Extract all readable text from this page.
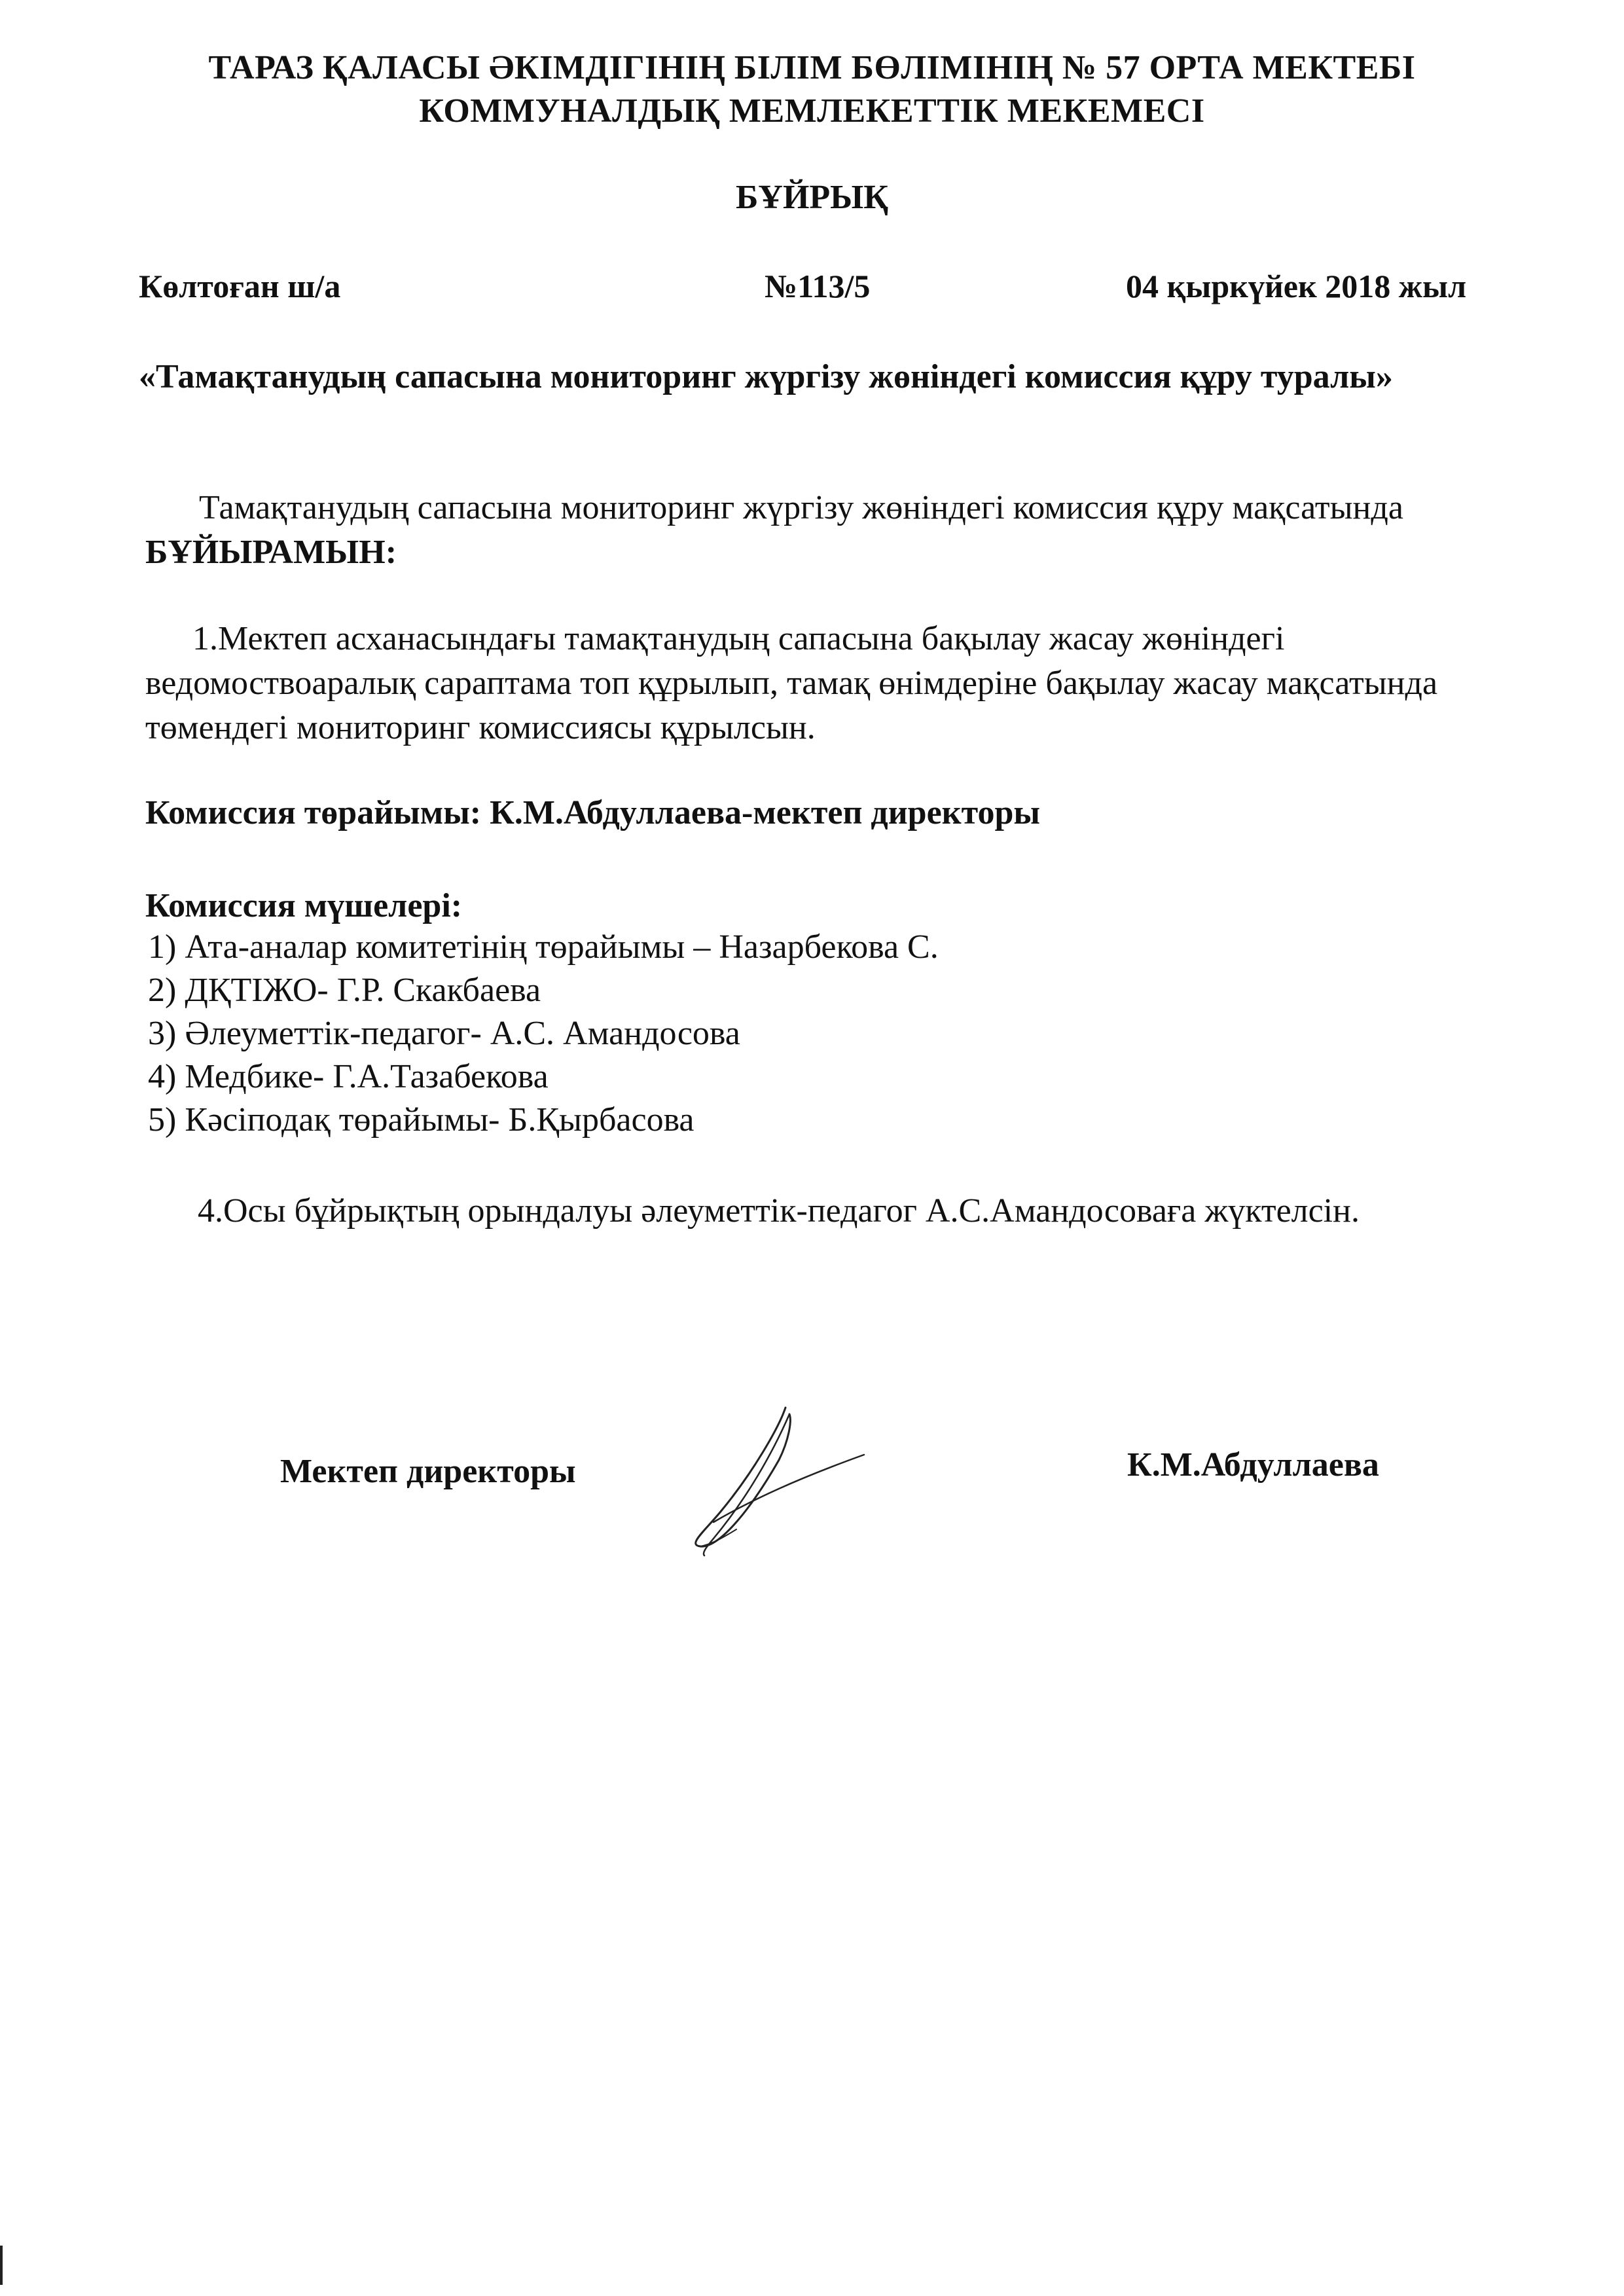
ТАРАЗ ҚАЛАСЫ ӘКІМДІГІНІҢ БІЛІМ БӨЛІМІНІҢ № 57 ОРТА МЕКТЕБІ

КОММУНАЛДЫҚ МЕМЛЕКЕТТІК МЕКЕМЕСІ

БҰЙРЫҚ

Көлтоған ш/а	№113/5	04 қыркүйек 2018 жыл

«Тамақтанудың сапасына мониторинг жүргізу жөніндегі комиссия құру туралы»

Тамақтанудың сапасына мониторинг жүргізу жөніндегі комиссия құру мақсатында БҰЙЫРАМЫН:

1.Мектеп асханасындағы тамақтанудың сапасына бақылау жасау жөніндегі ведомоствоаралық сараптама топ құрылып, тамақ өнімдеріне бақылау жасау мақсатында төмендегі мониторинг комиссиясы құрылсын.

Комиссия төрайымы: К.М.Абдуллаева-мектеп директоры

Комиссия мүшелері:

1) Ата-аналар комитетінің төрайымы – Назарбекова С.
2) ДҚТІЖО- Г.Р. Скакбаева
3) Әлеуметтік-педагог- А.С. Амандосова
4) Медбике- Г.А.Тазабекова
5) Кәсіподақ төрайымы- Б.Қырбасова

4.Осы бұйрықтың орындалуы әлеуметтік-педагог А.С.Амандосоваға жүктелсін.

Мектеп директоры	К.М.Абдуллаева
